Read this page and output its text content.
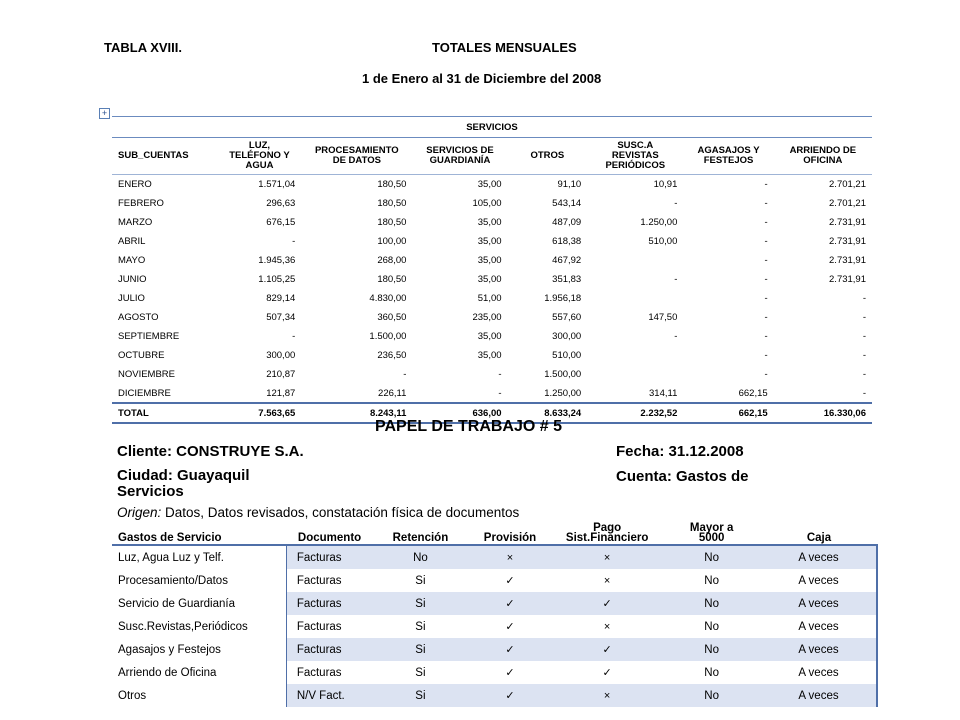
TABLA XVIII.	TOTALES MENSUALES
1 de Enero al 31 de Diciembre del 2008
+
SERVICIOS							
SUB_CUENTAS	LUZ, TELÉFONO Y AGUA	PROCESAMIENTO DE DATOS	SERVICIOS DE GUARDIANÍA	OTROS	SUSC.A REVISTAS PERIÓDICOS	AGASAJOS Y FESTEJOS	ARRIENDO DE OFICINA
ENERO	1.571,04	180,50	35,00	91,10	10,91	-	2.701,21
FEBRERO	296,63	180,50	105,00	543,14	-	-	2.701,21
MARZO	676,15	180,50	35,00	487,09	1.250,00	-	2.731,91
ABRIL	-	100,00	35,00	618,38	510,00	-	2.731,91
MAYO	1.945,36	268,00	35,00	467,92		-	2.731,91
JUNIO	1.105,25	180,50	35,00	351,83	-	-	2.731,91
JULIO	829,14	4.830,00	51,00	1.956,18		-	-
AGOSTO	507,34	360,50	235,00	557,60	147,50	-	-
SEPTIEMBRE	-	1.500,00	35,00	300,00	-	-	-
OCTUBRE	300,00	236,50	35,00	510,00		-	-
NOVIEMBRE	210,87	-	-	1.500,00		-	-
DICIEMBRE	121,87	226,11	-	1.250,00	314,11	662,15	-
TOTAL	7.563,65	8.243,11	636,00	8.633,24	2.232,52	662,15	16.330,06
PAPEL DE TRABAJO # 5
Cliente: CONSTRUYE S.A.	Fecha: 31.12.2008
Ciudad: Guayaquil
Servicios
Cuenta: Gastos de
Origen: Datos, Datos revisados, constatación física de documentos
Gastos de Servicio	Documento	Retención	Provisión	Pago Sist.Financiero	Mayor a 5000	Caja
Luz, Agua Luz y Telf.	Facturas	No	×	×	No	A veces
Procesamiento/Datos	Facturas	Si	✓	×	No	A veces
Servicio de Guardianía	Facturas	Si	✓	✓	No	A veces
Susc.Revistas,Periódicos	Facturas	Si	✓	×	No	A veces
Agasajos y Festejos	Facturas	Si	✓	✓	No	A veces
Arriendo de Oficina	Facturas	Si	✓	✓	No	A veces
Otros	N/V Fact.	Si	✓	×	No	A veces
